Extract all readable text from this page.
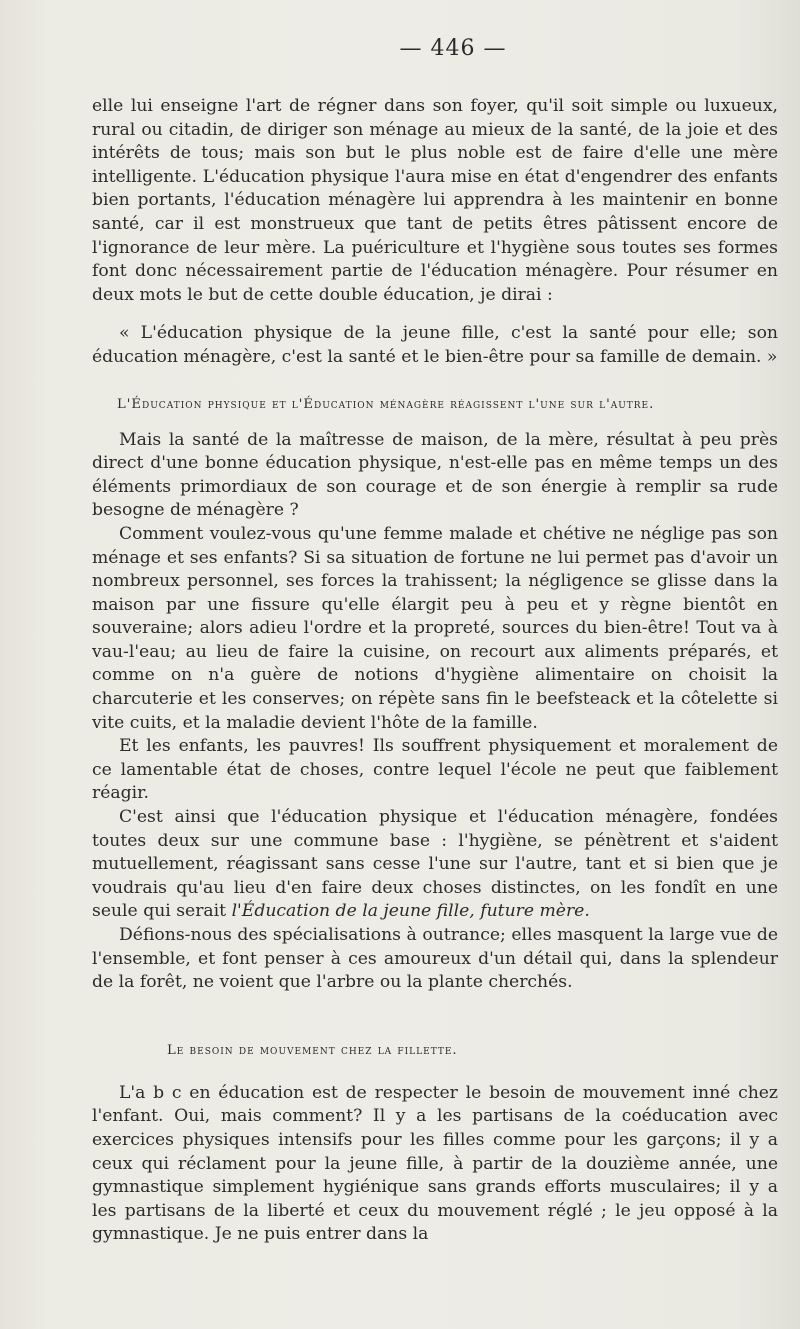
— 446 —

elle lui enseigne l'art de régner dans son foyer, qu'il soit simple ou luxueux, rural ou citadin, de diriger son ménage au mieux de la santé, de la joie et des intérêts de tous; mais son but le plus noble est de faire d'elle une mère intelligente. L'éducation physique l'aura mise en état d'engendrer des enfants bien portants, l'éducation ménagère lui apprendra à les maintenir en bonne santé, car il est monstrueux que tant de petits êtres pâtissent encore de l'ignorance de leur mère. La puériculture et l'hygiène sous toutes ses formes font donc nécessairement partie de l'éducation ménagère. Pour résumer en deux mots le but de cette double éducation, je dirai :

« L'éducation physique de la jeune fille, c'est la santé pour elle; son éducation ménagère, c'est la santé et le bien-être pour sa famille de demain. »

L'Éducation physique et l'Éducation ménagère réagissent l'une sur l'autre.

Mais la santé de la maîtresse de maison, de la mère, résultat à peu près direct d'une bonne éducation physique, n'est-elle pas en même temps un des éléments primordiaux de son courage et de son énergie à remplir sa rude besogne de ménagère ?

Comment voulez-vous qu'une femme malade et chétive ne néglige pas son ménage et ses enfants? Si sa situation de fortune ne lui permet pas d'avoir un nombreux personnel, ses forces la trahissent; la négligence se glisse dans la maison par une fissure qu'elle élargit peu à peu et y règne bientôt en souveraine; alors adieu l'ordre et la propreté, sources du bien-être! Tout va à vau-l'eau; au lieu de faire la cuisine, on recourt aux aliments préparés, et comme on n'a guère de notions d'hygiène alimentaire on choisit la charcuterie et les conserves; on répète sans fin le beefsteack et la côtelette si vite cuits, et la maladie devient l'hôte de la famille.

Et les enfants, les pauvres! Ils souffrent physiquement et moralement de ce lamentable état de choses, contre lequel l'école ne peut que faiblement réagir.

C'est ainsi que l'éducation physique et l'éducation ménagère, fondées toutes deux sur une commune base : l'hygiène, se pénètrent et s'aident mutuellement, réagissant sans cesse l'une sur l'autre, tant et si bien que je voudrais qu'au lieu d'en faire deux choses distinctes, on les fondît en une seule qui serait l'Éducation de la jeune fille, future mère.

Défions-nous des spécialisations à outrance; elles masquent la large vue de l'ensemble, et font penser à ces amoureux d'un détail qui, dans la splendeur de la forêt, ne voient que l'arbre ou la plante cherchés.

Le besoin de mouvement chez la fillette.

L'a b c en éducation est de respecter le besoin de mouvement inné chez l'enfant. Oui, mais comment? Il y a les partisans de la coéducation avec exercices physiques intensifs pour les filles comme pour les garçons; il y a ceux qui réclament pour la jeune fille, à partir de la douzième année, une gymnastique simplement hygiénique sans grands efforts musculaires; il y a les partisans de la liberté et ceux du mouvement réglé ; le jeu opposé à la gymnastique. Je ne puis entrer dans la
